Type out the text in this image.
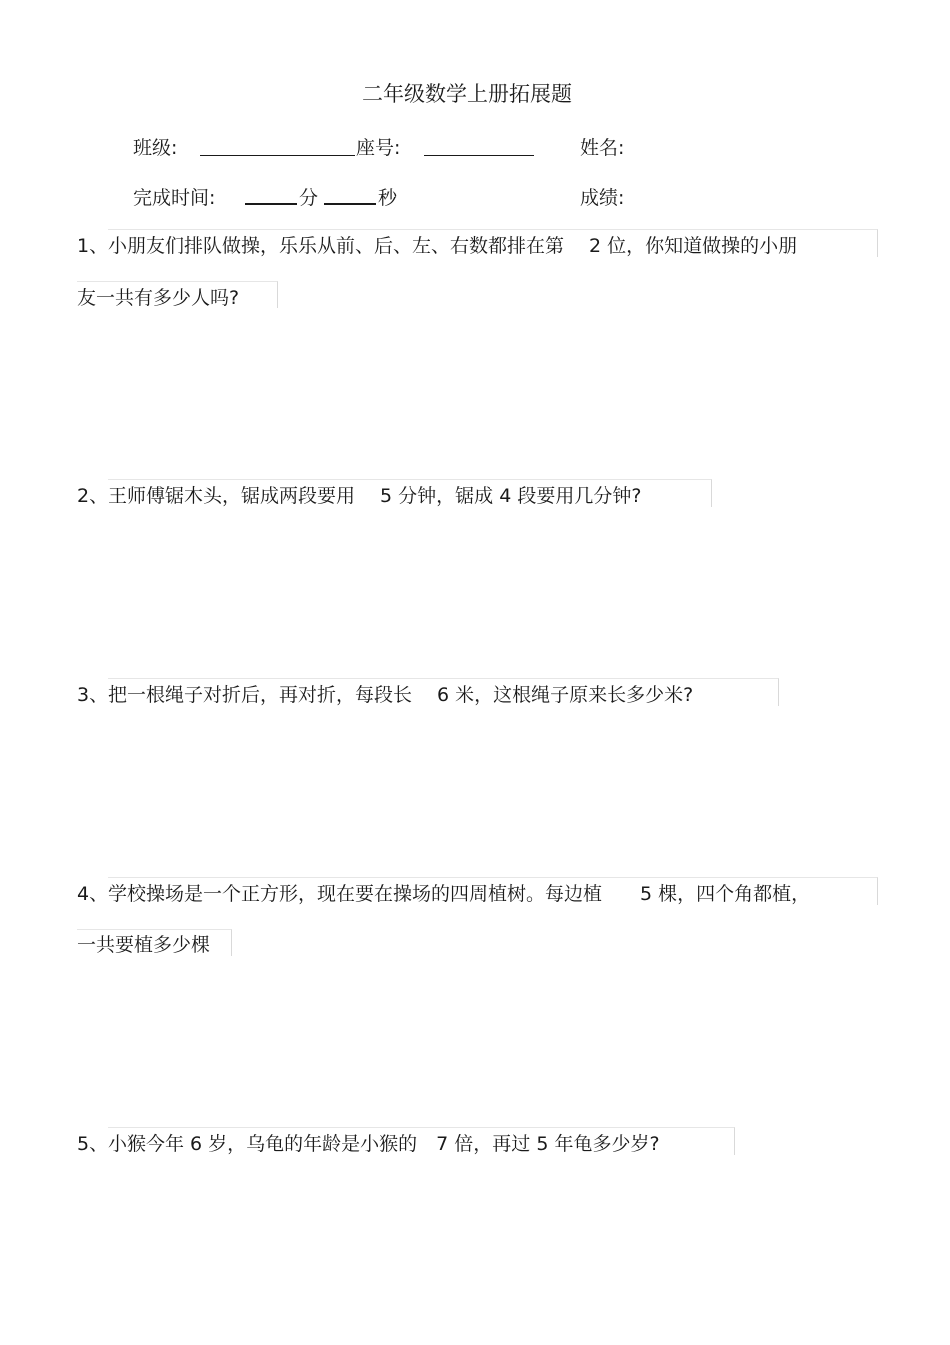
二年级数学上册拓展题
班级:	座号:	姓名:
完成时间:	分	秒	成绩:
1、 小朋友们排队做操，乐乐从前、后、左、右数都排在第　 2 位，你知道做操的小朋
友一共有多少人吗?
2、 王师傅锯木头，锯成两段要用　 5 分钟，锯成 4 段要用几分钟?
3、 把一根绳子对折后，再对折，每段长　 6 米，这根绳子原来长多少米?
4、 学校操场是一个正方形，现在要在操场的四周植树。每边植　　5 棵，四个角都植，
一共要植多少棵
5、 小猴今年 6 岁，乌龟的年龄是小猴的　7 倍，再过 5 年龟多少岁?
